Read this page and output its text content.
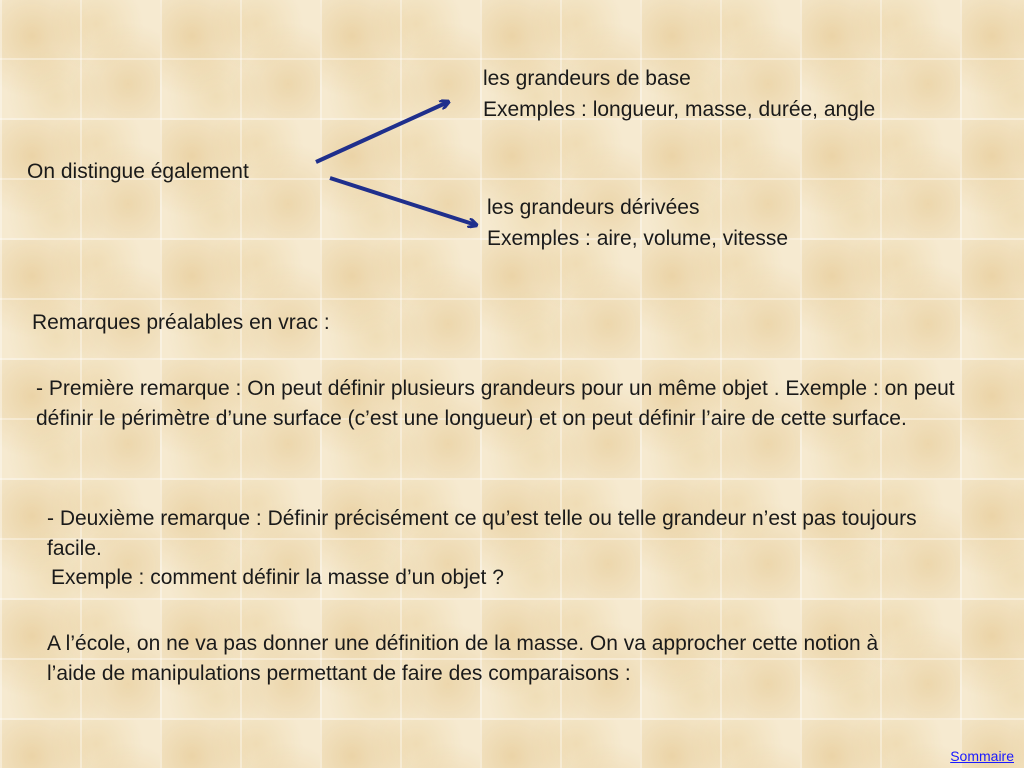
On distingue également
les grandeurs de base
Exemples : longueur, masse, durée, angle
les grandeurs dérivées
Exemples : aire, volume, vitesse
Remarques préalables en vrac :
- Première remarque : On peut définir plusieurs grandeurs pour un même objet . Exemple : on peut définir le périmètre d’une surface (c’est une longueur) et on peut définir l’aire de cette surface.
- Deuxième remarque : Définir précisément ce qu’est telle ou telle grandeur n’est pas toujours facile.
Exemple : comment définir la masse d’un objet ?
A l’école, on ne va pas donner une définition de la masse. On va approcher cette notion à l’aide de manipulations permettant de faire des comparaisons :
Sommaire
